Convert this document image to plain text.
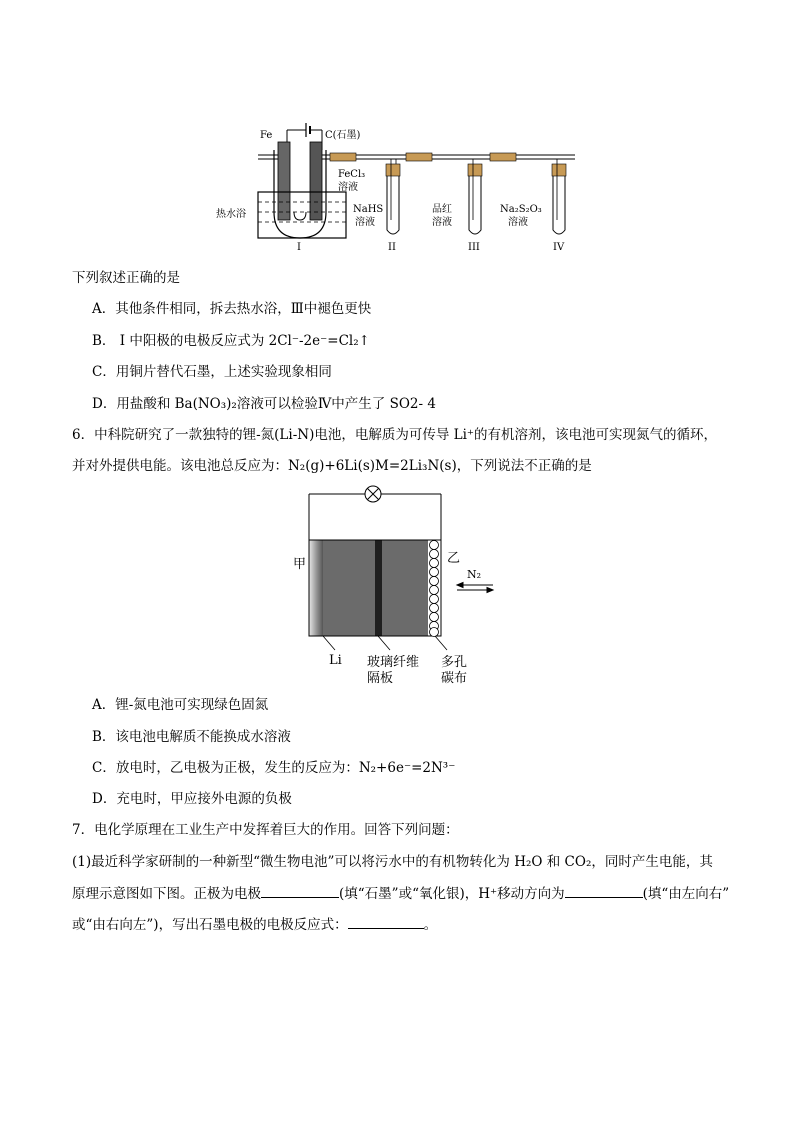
Fe	C(石墨)
FeCl₃
溶液
热水浴
I
NaHS
溶液
II
品红
溶液
III
Na₂S₂O₃
溶液
IV
下列叙述正确的是
A．其他条件相同，拆去热水浴，Ⅲ中褪色更快
B． I 中阳极的电极反应式为 2Cl⁻-2e⁻=Cl₂↑
C．用铜片替代石墨，上述实验现象相同
D．用盐酸和 Ba(NO₃)₂溶液可以检验Ⅳ中产生了 SO2- 4
6．中科院研究了一款独特的锂-氮(Li-N)电池，电解质为可传导 Li⁺的有机溶剂，该电池可实现氮气的循环，
并对外提供电能。该电池总反应为：N₂(g)+6Li(s)M=2Li₃N(s)，下列说法不正确的是
甲	乙
N₂
Li 玻璃纤维
隔板
多孔
碳布
A．锂-氮电池可实现绿色固氮
B．该电池电解质不能换成水溶液
C．放电时，乙电极为正极，发生的反应为：N₂+6e⁻=2N³⁻
D．充电时，甲应接外电源的负极
7．电化学原理在工业生产中发挥着巨大的作用。回答下列问题：
(1)最近科学家研制的一种新型“微生物电池”可以将污水中的有机物转化为 H₂O 和 CO₂，同时产生电能，其
原理示意图如下图。正极为电极	(填“石墨”或“氧化银)，H⁺移动方向为	(填“由左向右”
或“由右向左”)，写出石墨电极的电极反应式：	。
